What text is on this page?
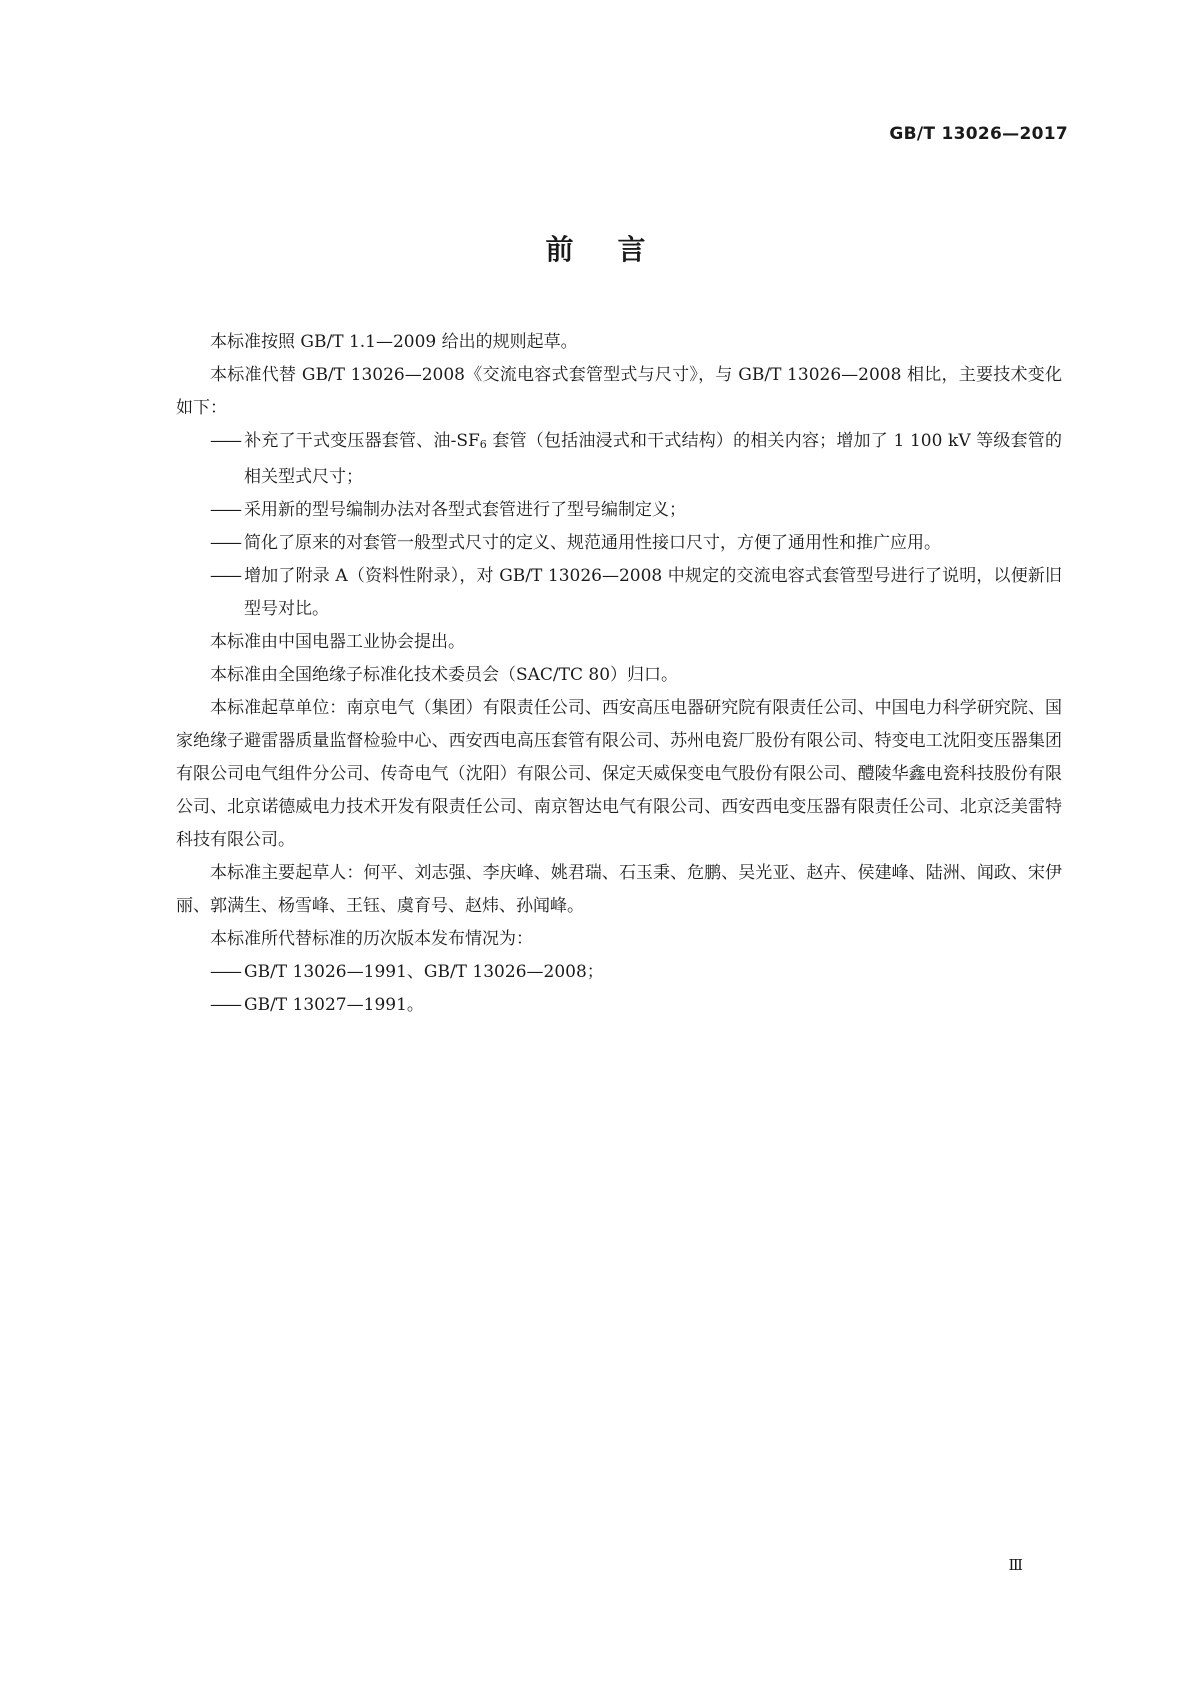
GB/T 13026—2017
前言

本标准按照 GB/T 1.1—2009 给出的规则起草。

本标准代替 GB/T 13026—2008《交流电容式套管型式与尺寸》，与 GB/T 13026—2008 相比，主要技术变化如下：

—— 补充了干式变压器套管、油-SF6 套管（包括油浸式和干式结构）的相关内容；增加了 1 100 kV 等级套管的相关型式尺寸；

—— 采用新的型号编制办法对各型式套管进行了型号编制定义；

—— 简化了原来的对套管一般型式尺寸的定义、规范通用性接口尺寸，方便了通用性和推广应用。

—— 增加了附录 A（资料性附录），对 GB/T 13026—2008 中规定的交流电容式套管型号进行了说明，以便新旧型号对比。

本标准由中国电器工业协会提出。

本标准由全国绝缘子标准化技术委员会（SAC/TC 80）归口。

本标准起草单位：南京电气（集团）有限责任公司、西安高压电器研究院有限责任公司、中国电力科学研究院、国家绝缘子避雷器质量监督检验中心、西安西电高压套管有限公司、苏州电瓷厂股份有限公司、特变电工沈阳变压器集团有限公司电气组件分公司、传奇电气（沈阳）有限公司、保定天威保变电气股份有限公司、醴陵华鑫电瓷科技股份有限公司、北京诺德威电力技术开发有限责任公司、南京智达电气有限公司、西安西电变压器有限责任公司、北京泛美雷特科技有限公司。

本标准主要起草人：何平、刘志强、李庆峰、姚君瑞、石玉秉、危鹏、吴光亚、赵卉、侯建峰、陆洲、闻政、宋伊丽、郭满生、杨雪峰、王钰、虞育号、赵炜、孙闻峰。

本标准所代替标准的历次版本发布情况为：

—— GB/T 13026—1991、GB/T 13026—2008；

—— GB/T 13027—1991。

Ⅲ
